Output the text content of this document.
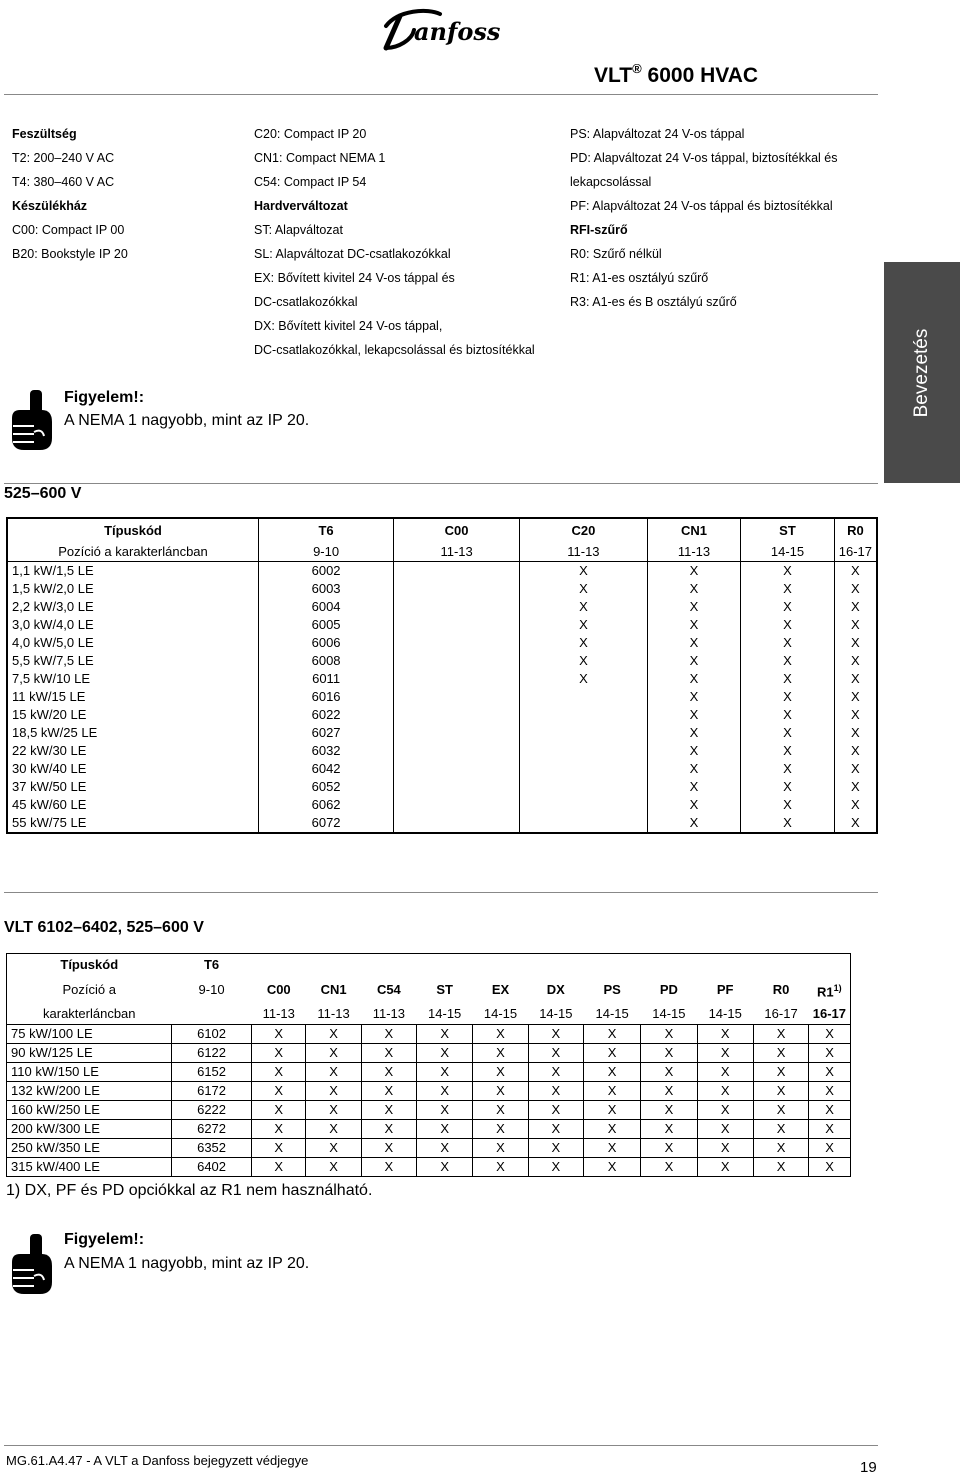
anfoss
VLT® 6000 HVAC
Feszültség
T2: 200–240 V AC
T4: 380–460 V AC
Készülékház
C00: Compact IP 00
B20: Bookstyle IP 20
C20: Compact IP 20
CN1: Compact NEMA 1
C54: Compact IP 54
Hardverváltozat
ST: Alapváltozat
SL: Alapváltozat DC-csatlakozókkal
EX: Bővített kivitel 24 V-os táppal és
DC-csatlakozókkal
DX: Bővített kivitel 24 V-os táppal,
DC-csatlakozókkal, lekapcsolással és biztosítékkal
PS: Alapváltozat 24 V-os táppal
PD: Alapváltozat 24 V-os táppal, biztosítékkal és
lekapcsolással
PF: Alapváltozat 24 V-os táppal és biztosítékkal
RFI-szűrő
R0: Szűrő nélkül
R1: A1-es osztályú szűrő
R3: A1-es és B osztályú szűrő
Bevezetés
Figyelem!:
A NEMA 1 nagyobb, mint az IP 20.
525–600 V
Típuskód	T6	C00	C20	CN1	ST	R0
Pozíció a karakterláncban	9-10	11-13	11-13	11-13	14-15	16-17
1,1 kW/1,5 LE	6002		X	X	X	X
1,5 kW/2,0 LE	6003		X	X	X	X
2,2 kW/3,0 LE	6004		X	X	X	X
3,0 kW/4,0 LE	6005		X	X	X	X
4,0 kW/5,0 LE	6006		X	X	X	X
5,5 kW/7,5 LE	6008		X	X	X	X
7,5 kW/10 LE	6011		X	X	X	X
11 kW/15 LE	6016			X	X	X
15 kW/20 LE	6022			X	X	X
18,5 kW/25 LE	6027			X	X	X
22 kW/30 LE	6032			X	X	X
30 kW/40 LE	6042			X	X	X
37 kW/50 LE	6052			X	X	X
45 kW/60 LE	6062			X	X	X
55 kW/75 LE	6072			X	X	X
VLT 6102–6402, 525–600 V
Típuskód	T6											
Pozíció a	9-10	C00	CN1	C54	ST	EX	DX	PS	PD	PF	R0	R1$^{1)}$
karakterláncban		11-13	11-13	11-13	14-15	14-15	14-15	14-15	14-15	14-15	16-17	16-17
75 kW/100 LE	6102	X	X	X	X	X	X	X	X	X	X	X
90 kW/125 LE	6122	X	X	X	X	X	X	X	X	X	X	X
110 kW/150 LE	6152	X	X	X	X	X	X	X	X	X	X	X
132 kW/200 LE	6172	X	X	X	X	X	X	X	X	X	X	X
160 kW/250 LE	6222	X	X	X	X	X	X	X	X	X	X	X
200 kW/300 LE	6272	X	X	X	X	X	X	X	X	X	X	X
250 kW/350 LE	6352	X	X	X	X	X	X	X	X	X	X	X
315 kW/400 LE	6402	X	X	X	X	X	X	X	X	X	X	X
1) DX, PF és PD opciókkal az R1 nem használható.
Figyelem!:
A NEMA 1 nagyobb, mint az IP 20.
MG.61.A4.47 - A VLT a Danfoss bejegyzett védjegye	19
